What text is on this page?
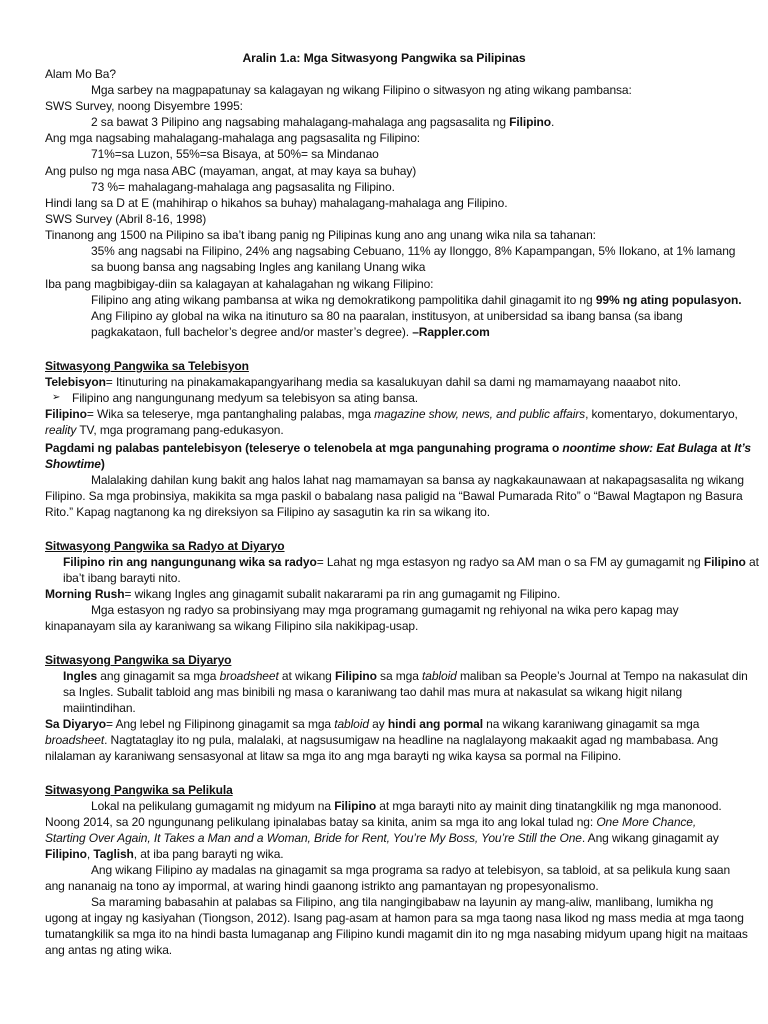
Aralin 1.a: Mga Sitwasyong Pangwika sa Pilipinas
Alam Mo Ba?
Mga sarbey na magpapatunay sa kalagayan ng wikang Filipino o sitwasyon ng ating wikang pambansa:
SWS Survey, noong Disyembre 1995:
2 sa bawat 3 Pilipino ang nagsabing mahalagang-mahalaga ang pagsasalita ng Filipino.
Ang mga nagsabing mahalagang-mahalaga ang pagsasalita ng Filipino:
71%=sa Luzon, 55%=sa Bisaya, at 50%= sa Mindanao
Ang pulso ng mga nasa ABC (mayaman, angat, at may kaya sa buhay)
73 %= mahalagang-mahalaga ang pagsasalita ng Filipino.
Hindi lang sa D at E (mahihirap o hikahos sa buhay) mahalagang-mahalaga ang Filipino.
SWS Survey (Abril 8-16, 1998)
Tinanong ang 1500 na Pilipino sa iba’t ibang panig ng Pilipinas kung ano ang unang wika nila sa tahanan:
35% ang nagsabi na Filipino, 24% ang nagsabing Cebuano, 11% ay Ilonggo, 8% Kapampangan, 5% Ilokano, at 1% lamang
sa buong bansa ang nagsabing Ingles ang kanilang Unang wika
Iba pang magbibigay-diin sa kalagayan at kahalagahan ng wikang Filipino:
Filipino ang ating wikang pambansa at wika ng demokratikong pampolitika dahil ginagamit ito ng 99% ng ating populasyon.
Ang Filipino ay global na wika na itinuturo sa 80 na paaralan, institusyon, at unibersidad sa ibang bansa (sa ibang
pagkakataon, full bachelor’s degree and/or master’s degree). –Rappler.com
Sitwasyong Pangwika sa Telebisyon
Telebisyon= Itinuturing na pinakamakapangyarihang media sa kasalukuyan dahil sa dami ng mamamayang naaabot nito.
➢ Filipino ang nangungunang medyum sa telebisyon sa ating bansa.
Filipino= Wika sa teleserye, mga pantanghaling palabas, mga magazine show, news, and public affairs, komentaryo, dokumentaryo,
reality TV, mga programang pang-edukasyon.
Pagdami ng palabas pantelebisyon (teleserye o telenobela at mga pangunahing programa o noontime show: Eat Bulaga at It’s
Showtime)
Malalaking dahilan kung bakit ang halos lahat nag mamamayan sa bansa ay nagkakaunawaan at nakapagsasalita ng wikang
Filipino. Sa mga probinsiya, makikita sa mga paskil o babalang nasa paligid na “Bawal Pumarada Rito” o “Bawal Magtapon ng Basura
Rito.” Kapag nagtanong ka ng direksiyon sa Filipino ay sasagutin ka rin sa wikang ito.
Sitwasyong Pangwika sa Radyo at Diyaryo
Filipino rin ang nangungunang wika sa radyo= Lahat ng mga estasyon ng radyo sa AM man o sa FM ay gumagamit ng Filipino at
iba’t ibang barayti nito.
Morning Rush= wikang Ingles ang ginagamit subalit nakararami pa rin ang gumagamit ng Filipino.
Mga estasyon ng radyo sa probinsiyang may mga programang gumagamit ng rehiyonal na wika pero kapag may
kinapanayam sila ay karaniwang sa wikang Filipino sila nakikipag-usap.
Sitwasyong Pangwika sa Diyaryo
Ingles ang ginagamit sa mga broadsheet at wikang Filipino sa mga tabloid maliban sa People’s Journal at Tempo na nakasulat din
sa Ingles. Subalit tabloid ang mas binibili ng masa o karaniwang tao dahil mas mura at nakasulat sa wikang higit nilang
maiintindihan.
Sa Diyaryo= Ang lebel ng Filipinong ginagamit sa mga tabloid ay hindi ang pormal na wikang karaniwang ginagamit sa mga
broadsheet. Nagtataglay ito ng pula, malalaki, at nagsusumigaw na headline na naglalayong makaakit agad ng mambabasa. Ang
nilalaman ay karaniwang sensasyonal at litaw sa mga ito ang mga barayti ng wika kaysa sa pormal na Filipino.
Sitwasyong Pangwika sa Pelikula
Lokal na pelikulang gumagamit ng midyum na Filipino at mga barayti nito ay mainit ding tinatangkilik ng mga manonood.
Noong 2014, sa 20 ngungunang pelikulang ipinalabas batay sa kinita, anim sa mga ito ang lokal tulad ng: One More Chance,
Starting Over Again, It Takes a Man and a Woman, Bride for Rent, You’re My Boss, You’re Still the One. Ang wikang ginagamit ay
Filipino, Taglish, at iba pang barayti ng wika.
Ang wikang Filipino ay madalas na ginagamit sa mga programa sa radyo at telebisyon, sa tabloid, at sa pelikula kung saan
ang nananaig na tono ay impormal, at waring hindi gaanong istrikto ang pamantayan ng propesyonalismo.
Sa maraming babasahin at palabas sa Filipino, ang tila nangingibabaw na layunin ay mang-aliw, manlibang, lumikha ng
ugong at ingay ng kasiyahan (Tiongson, 2012). Isang pag-asam at hamon para sa mga taong nasa likod ng mass media at mga taong
tumatangkilik sa mga ito na hindi basta lumaganap ang Filipino kundi magamit din ito ng mga nasabing midyum upang higit na maitaas
ang antas ng ating wika.
